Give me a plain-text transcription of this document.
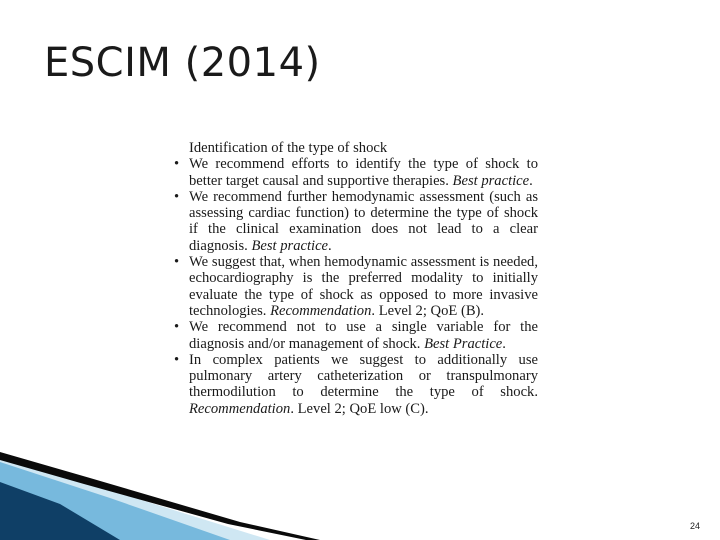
ESCIM (2014)

Identification of the type of shock

• We recommend efforts to identify the type of shock to better target causal and supportive therapies. Best practice.
• We recommend further hemodynamic assessment (such as assessing cardiac function) to determine the type of shock if the clinical examination does not lead to a clear diagnosis. Best practice.
• We suggest that, when hemodynamic assessment is needed, echocardiography is the preferred modality to initially evaluate the type of shock as opposed to more invasive technologies. Recommendation. Level 2; QoE (B).
• We recommend not to use a single variable for the diagnosis and/or management of shock. Best Practice.
• In complex patients we suggest to additionally use pulmonary artery catheterization or transpulmonary thermodilution to determine the type of shock. Recommendation. Level 2; QoE low (C).
24
